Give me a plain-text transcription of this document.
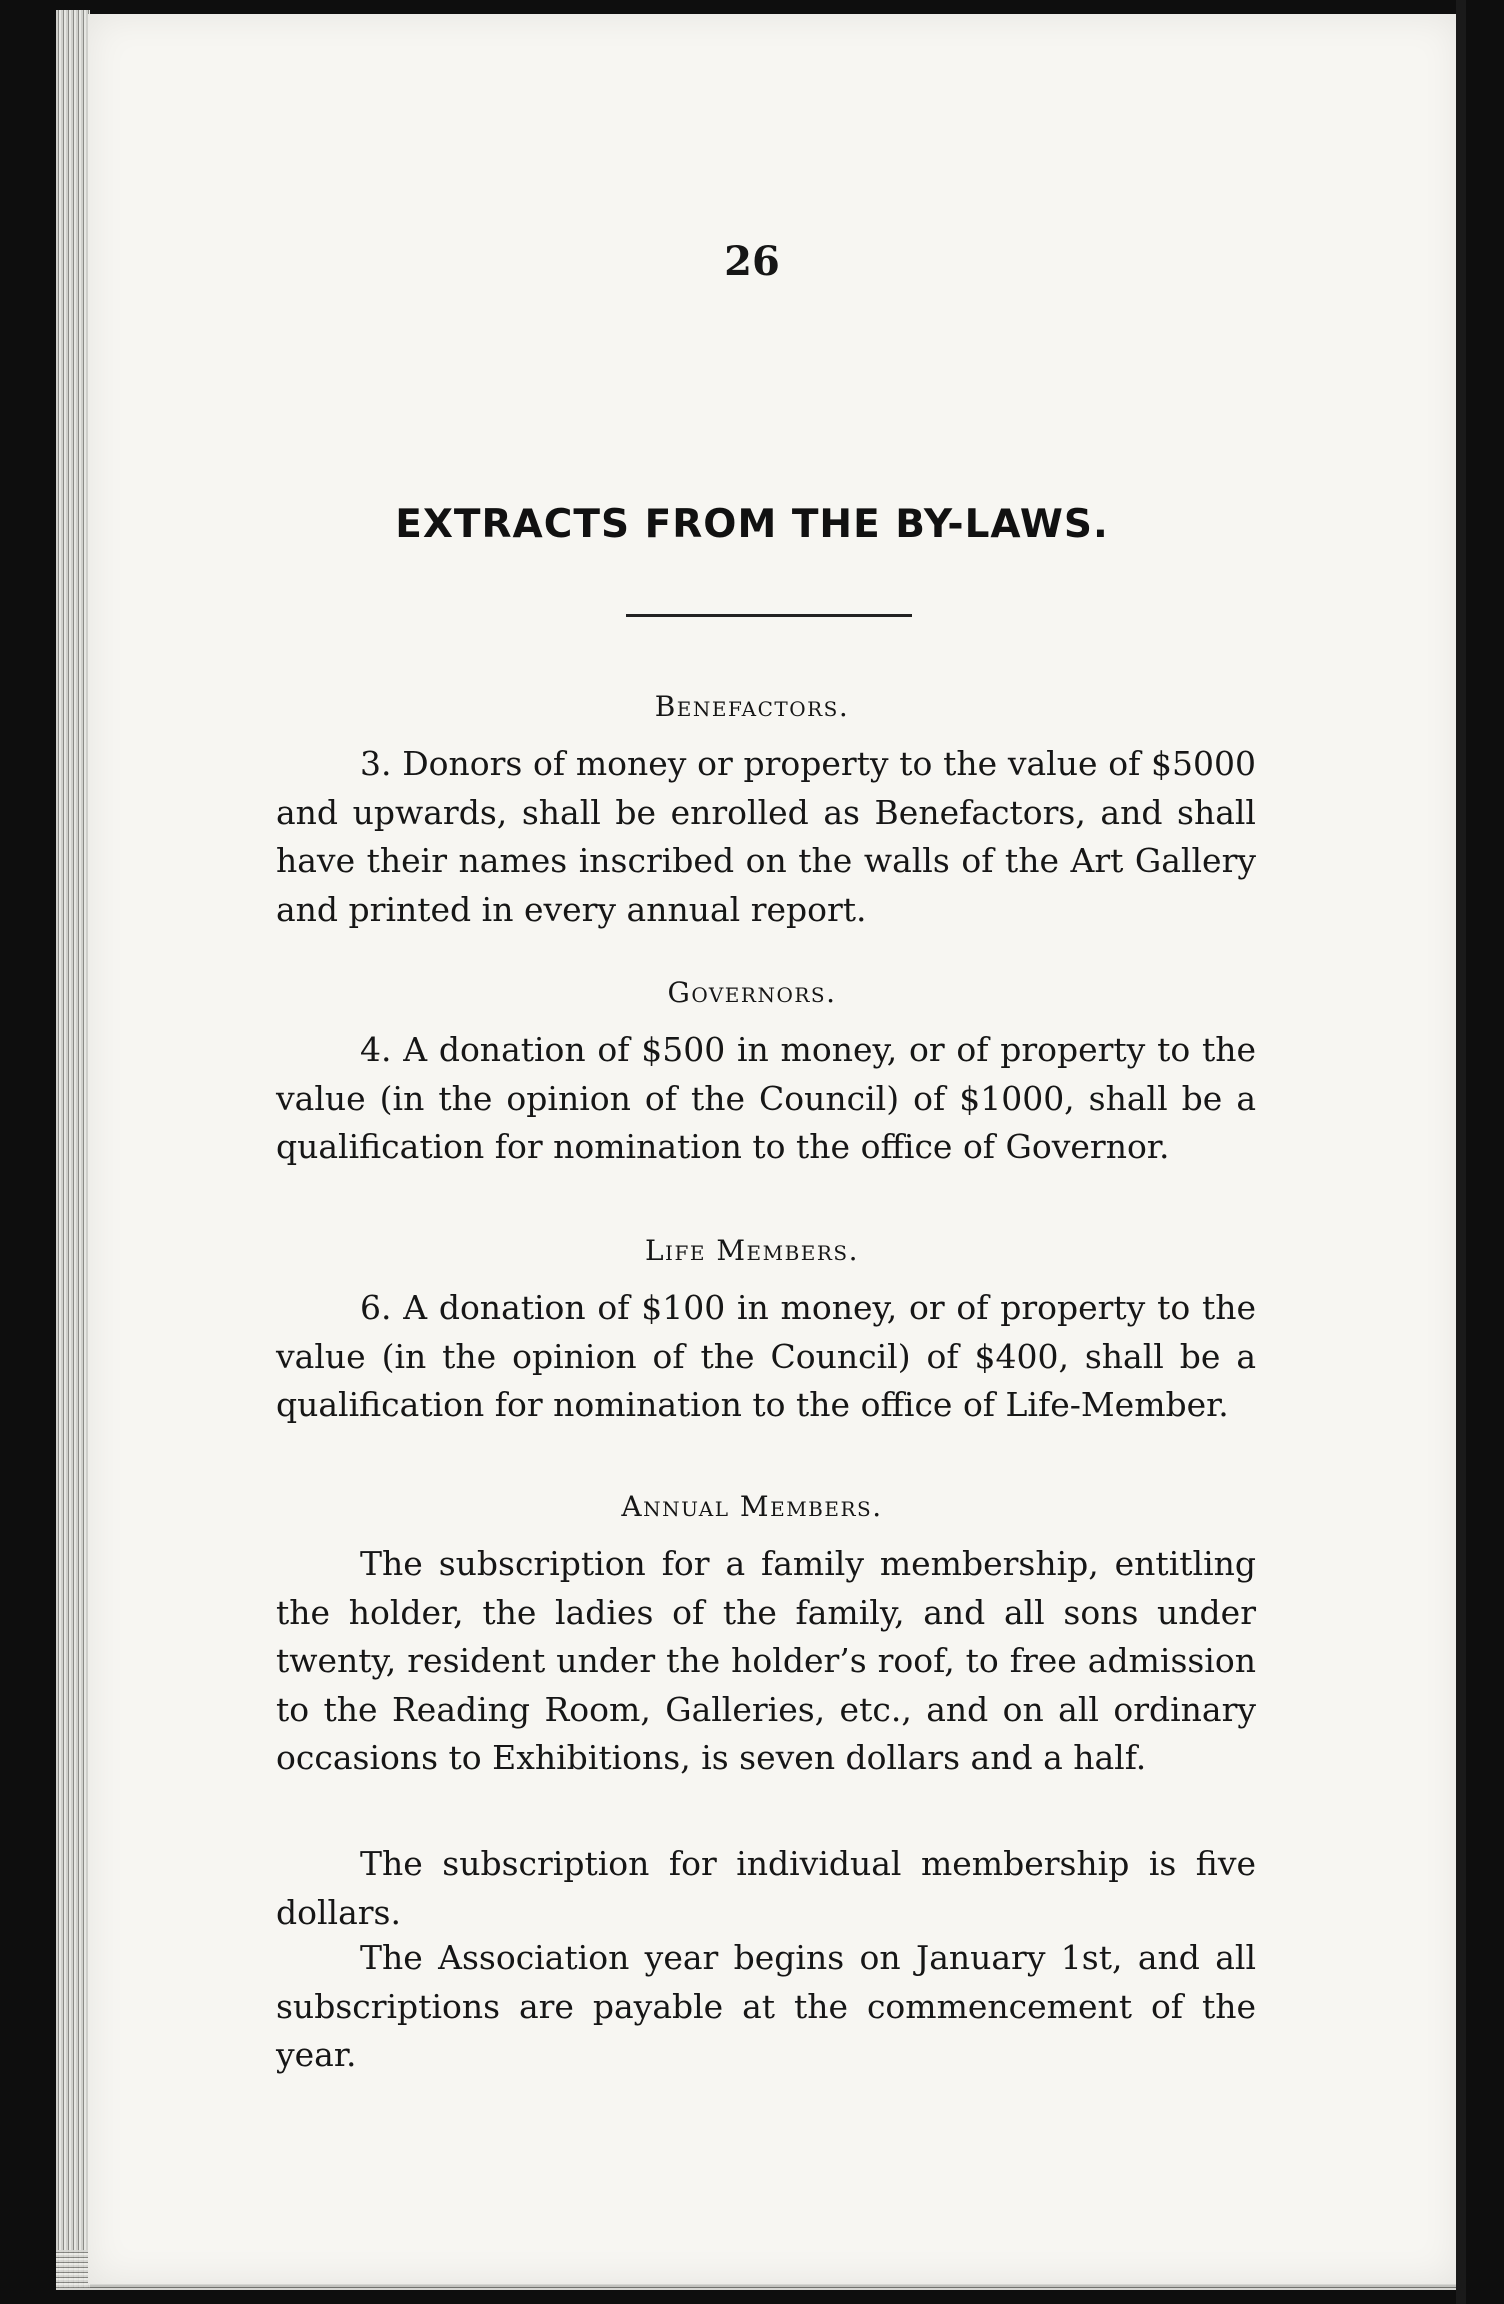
26
EXTRACTS FROM THE BY-LAWS.
Benefactors.
3. Donors of money or property to the value of $5000 and upwards, shall be enrolled as Benefactors, and shall have their names inscribed on the walls of the Art Gallery and printed in every annual report.
Governors.
4. A donation of $500 in money, or of property to the value (in the opinion of the Council) of $1000, shall be a qualification for nomination to the office of Governor.
Life Members.
6. A donation of $100 in money, or of property to the value (in the opinion of the Council) of $400, shall be a qualification for nomination to the office of Life-Member.
Annual Members.
The subscription for a family membership, entitling the holder, the ladies of the family, and all sons under twenty, resident under the holder’s roof, to free admission to the Reading Room, Galleries, etc., and on all ordinary occasions to Exhibitions, is seven dollars and a half.
The subscription for individual membership is five dollars.
The Association year begins on January 1st, and all subscriptions are payable at the commencement of the year.
